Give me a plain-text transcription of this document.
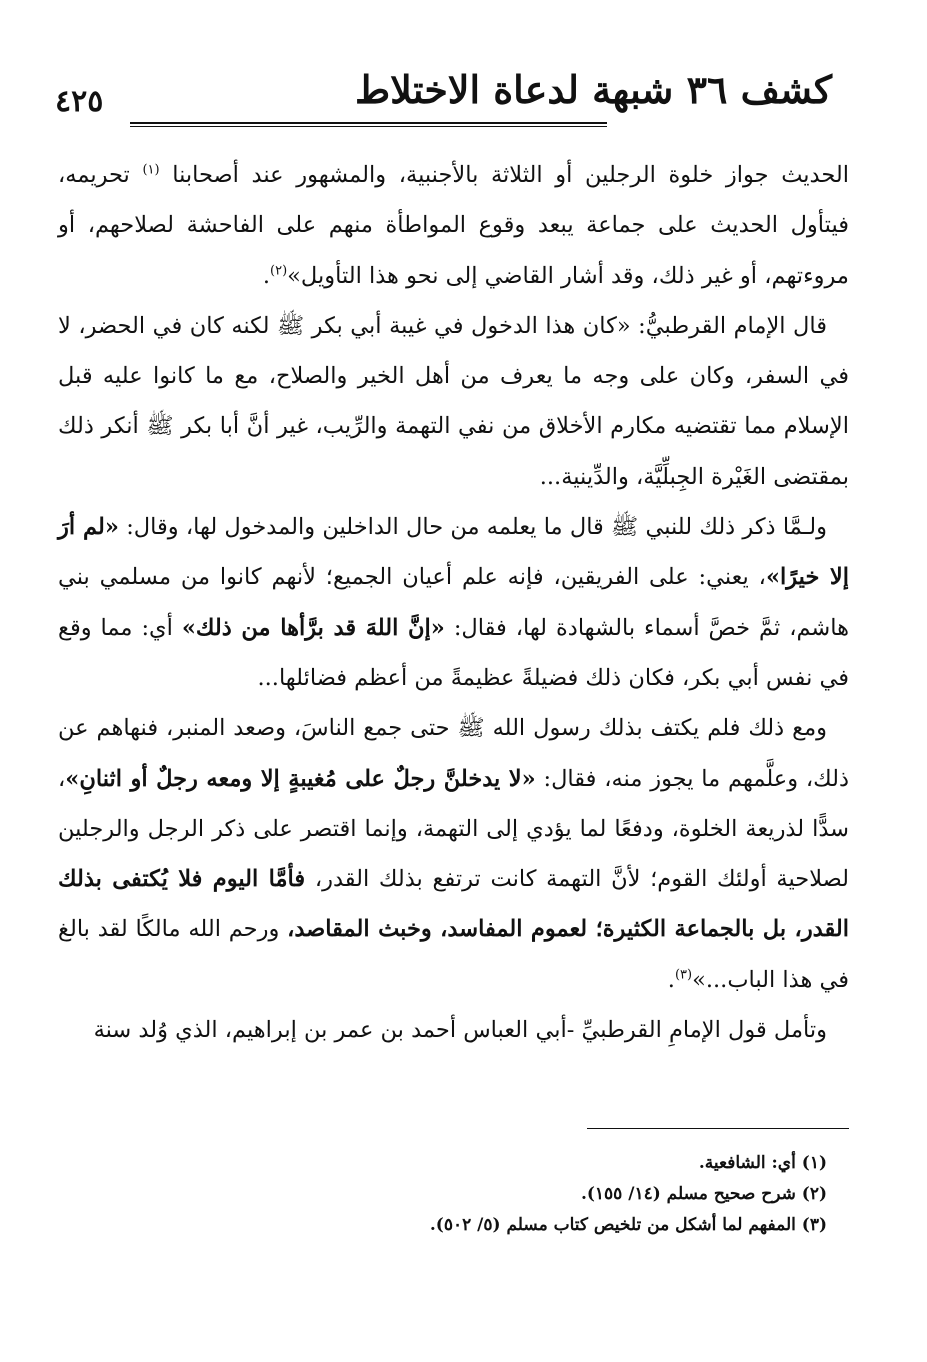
كشف ٣٦ شبهة لدعاة الاختلاط
٤٢٥

الحديث جواز خلوة الرجلين أو الثلاثة بالأجنبية، والمشهور عند أصحابنا $^{(١)}$ تحريمه، فيتأول الحديث على جماعة يبعد وقوع المواطأة منهم على الفاحشة لصلاحهم، أو مروءتهم، أو غير ذلك، وقد أشار القاضي إلى نحو هذا التأويل»$^{(٢)}$.

قال الإمام القرطبيُّ: «كان هذا الدخول في غيبة أبي بكر ﷺ لكنه كان في الحضر، لا في السفر، وكان على وجه ما يعرف من أهل الخير والصلاح، مع ما كانوا عليه قبل الإسلام مما تقتضيه مكارم الأخلاق من نفي التهمة والرِّيب، غير أنَّ أبا بكر ﷺ أنكر ذلك بمقتضى الغَيْرة الجِبلِّيَّة، والدِّينية...

ولـمَّا ذكر ذلك للنبي ﷺ قال ما يعلمه من حال الداخلين والمدخول لها، وقال: «لم أرَ إلا خيرًا»، يعني: على الفريقين، فإنه علم أعيان الجميع؛ لأنهم كانوا من مسلمي بني هاشم، ثمَّ خصَّ أسماء بالشهادة لها، فقال: «إنَّ اللهَ قد برَّأها من ذلك» أي: مما وقع في نفس أبي بكر، فكان ذلك فضيلةً عظيمةً من أعظم فضائلها...

ومع ذلك فلم يكتف بذلك رسول الله ﷺ حتى جمع الناسَ، وصعد المنبر، فنهاهم عن ذلك، وعلَّمهم ما يجوز منه، فقال: «لا يدخلنَّ رجلٌ على مُغيبةٍ إلا ومعه رجلٌ أو اثنانِ»، سدًّا لذريعة الخلوة، ودفعًا لما يؤدي إلى التهمة، وإنما اقتصر على ذكر الرجل والرجلين لصلاحية أولئك القوم؛ لأنَّ التهمة كانت ترتفع بذلك القدر، فأمَّا اليوم فلا يُكتفى بذلك القدر، بل بالجماعة الكثيرة؛ لعموم المفاسد، وخبث المقاصد، ورحم الله مالكًا لقد بالغ في هذا الباب...»$^{(٣)}$.

وتأمل قول الإمامِ القرطبيِّ -أبي العباس أحمد بن عمر بن إبراهيم، الذي وُلد سنة

(١) أي: الشافعية.
(٢) شرح صحيح مسلم (١٤/ ١٥٥).
(٣) المفهم لما أشكل من تلخيص كتاب مسلم (٥/ ٥٠٢).
